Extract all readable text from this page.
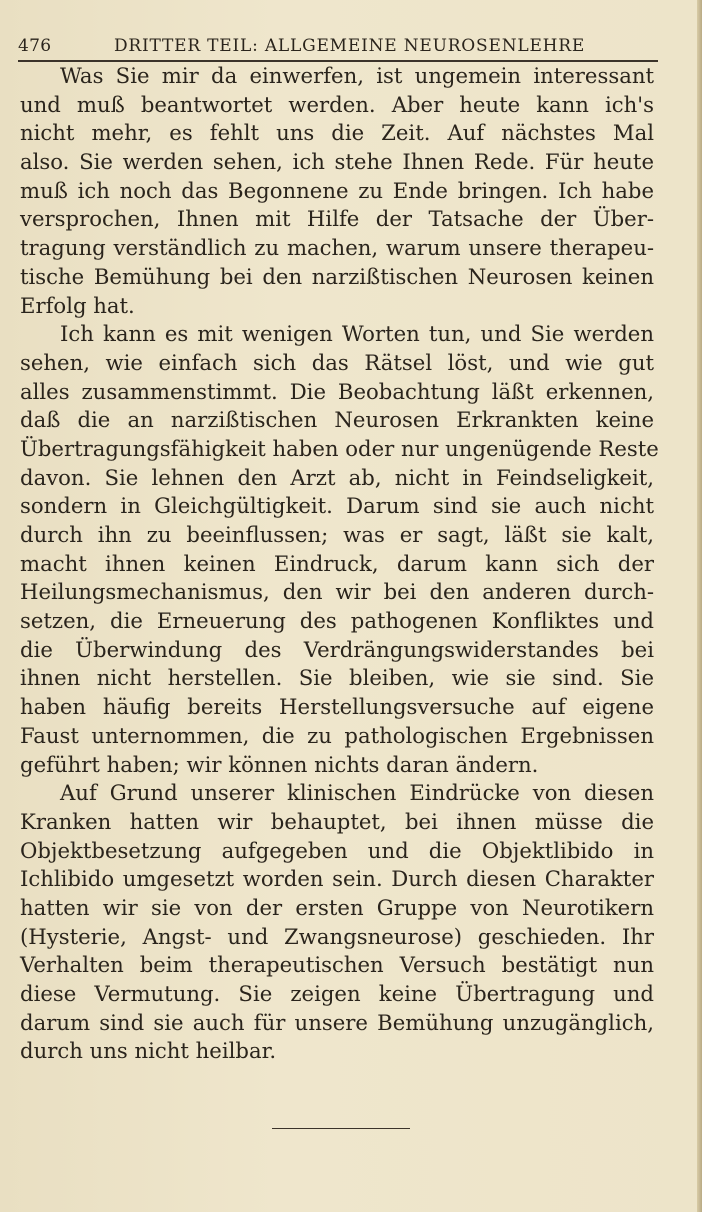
476	DRITTER TEIL: ALLGEMEINE NEUROSENLEHRE
Was Sie mir da einwerfen, ist ungemein interessant
und muß beantwortet werden. Aber heute kann ich's
nicht mehr, es fehlt uns die Zeit. Auf nächstes Mal
also. Sie werden sehen, ich stehe Ihnen Rede. Für heute
muß ich noch das Begonnene zu Ende bringen. Ich habe
versprochen, Ihnen mit Hilfe der Tatsache der Über-
tragung verständlich zu machen, warum unsere therapeu-
tische Bemühung bei den narzißtischen Neurosen keinen
Erfolg hat.
Ich kann es mit wenigen Worten tun, und Sie werden
sehen, wie einfach sich das Rätsel löst, und wie gut
alles zusammenstimmt. Die Beobachtung läßt erkennen,
daß die an narzißtischen Neurosen Erkrankten keine
Übertragungsfähigkeit haben oder nur ungenügende Reste
davon. Sie lehnen den Arzt ab, nicht in Feindseligkeit,
sondern in Gleichgültigkeit. Darum sind sie auch nicht
durch ihn zu beeinflussen; was er sagt, läßt sie kalt,
macht ihnen keinen Eindruck, darum kann sich der
Heilungsmechanismus, den wir bei den anderen durch-
setzen, die Erneuerung des pathogenen Konfliktes und
die Überwindung des Verdrängungswiderstandes bei
ihnen nicht herstellen. Sie bleiben, wie sie sind. Sie
haben häufig bereits Herstellungsversuche auf eigene
Faust unternommen, die zu pathologischen Ergebnissen
geführt haben; wir können nichts daran ändern.
Auf Grund unserer klinischen Eindrücke von diesen
Kranken hatten wir behauptet, bei ihnen müsse die
Objektbesetzung aufgegeben und die Objektlibido in
Ichlibido umgesetzt worden sein. Durch diesen Charakter
hatten wir sie von der ersten Gruppe von Neurotikern
(Hysterie, Angst- und Zwangsneurose) geschieden. Ihr
Verhalten beim therapeutischen Versuch bestätigt nun
diese Vermutung. Sie zeigen keine Übertragung und
darum sind sie auch für unsere Bemühung unzugänglich,
durch uns nicht heilbar.
